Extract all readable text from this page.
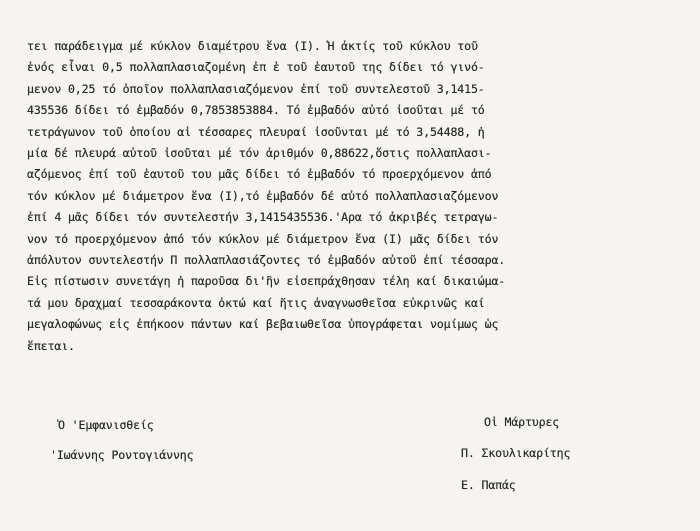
τει παράδειγμα μέ κύκλον διαμέτρου ἕνα (Ι). Ἡ ἀκτίς τοῦ κύκλου τοῦ
ἑνός εἶναι 0,5 πολλαπλασιαζομένη ἐπ ἑ τοῦ ἑαυτοῦ της δίδει τό γινό-
μενον 0,25 τό ὁποῖον πολλαπλασιαζόμενον ἐπί τοῦ συντελεστοῦ 3,1415-
435536 δίδει τό ἐμβαδόν 0,7853853884. Τό ἐμβαδόν αὐτό ἰσοῦται μέ τό
τετράγωνον τοῦ ὁποίου αἱ τέσσαρες πλευραί ἰσοῦνται μέ τό 3,54488, ἡ
μία δέ πλευρά αὐτοῦ ἰσοῦται μέ τόν ἀριθμόν 0,88622,ὅστις πολλαπλασι-
αζόμενος ἐπί τοῦ ἑαυτοῦ του μᾶς δίδει τό ἐμβαδόν τό προερχόμενον ἀπό
τόν κύκλον μέ διάμετρον ἕνα (Ι),τό ἐμβαδόν δέ αὐτό πολλαπλασιαζόμενον
ἐπί 4 μᾶς δίδει τόν συντελεστήν 3,1415435536.'Αρα τό ἀκριβές τετραγω-
νον τό προερχόμενον ἀπό τόν κύκλον μέ διάμετρον ἕνα (Ι) μᾶς δίδει τόν
ἀπόλυτον συντελεστήν Π πολλαπλασιάζοντες τό ἐμβαδόν αὐτοῦ ἐπί τέσσαρα.
Εἰς πίστωσιν συνετάγη ἡ παροῦσα δι'ἣν εἰσεπράχθησαν τέλη καί δικαιώμα-
τά μου δραχμαί τεσσαράκοντα ὀκτώ καί ἥτις ἀναγνωσθεῖσα εὐκρινῶς καί
μεγαλοφώνως εἰς ἐπήκοον πάντων καί βεβαιωθεῖσα ὑπογράφεται νομίμως ὡς
ἕπεται.
Ὁ 'Εμφανισθείς
'Ιωάννης Ροντογιάννης
Οἱ Μάρτυρες
Π. Σκουλικαρίτης
Ε. Παπάς
